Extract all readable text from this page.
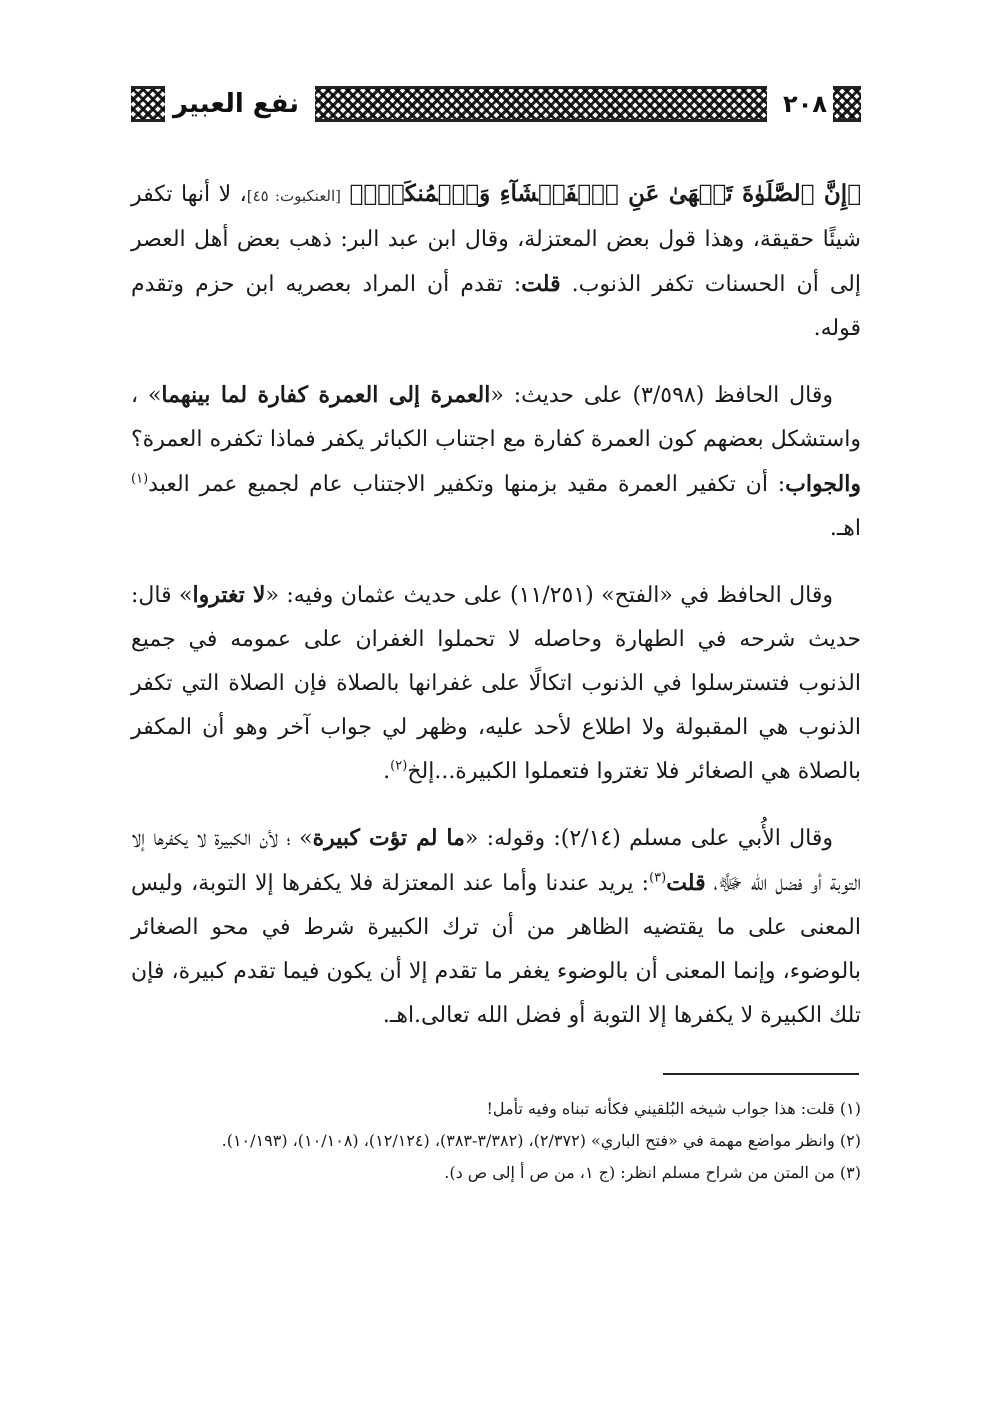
٢٠٨
نفع العبير

﴿إِنَّ ٱلصَّلَوٰةَ تَنۡهَىٰ عَنِ ٱلۡفَحۡشَآءِ وَٱلۡمُنكَرِۗ﴾ [العنكبوت: ٤٥]، لا أنها تكفر شيئًا حقيقة، وهذا قول بعض المعتزلة، وقال ابن عبد البر: ذهب بعض أهل العصر إلى أن الحسنات تكفر الذنوب. قلت: تقدم أن المراد بعصريه ابن حزم وتقدم قوله.

وقال الحافظ (٣/٥٩٨) على حديث: «العمرة إلى العمرة كفارة لما بينهما» ، واستشكل بعضهم كون العمرة كفارة مع اجتناب الكبائر يكفر فماذا تكفره العمرة؟ والجواب: أن تكفير العمرة مقيد بزمنها وتكفير الاجتناب عام لجميع عمر العبد$^{(١)}$ اهـ.

وقال الحافظ في «الفتح» (١١/٢٥١) على حديث عثمان وفيه: «لا تغتروا» قال: حديث شرحه في الطهارة وحاصله لا تحملوا الغفران على عمومه في جميع الذنوب فتسترسلوا في الذنوب اتكالًا على غفرانها بالصلاة فإن الصلاة التي تكفر الذنوب هي المقبولة ولا اطلاع لأحد عليه، وظهر لي جواب آخر وهو أن المكفر بالصلاة هي الصغائر فلا تغتروا فتعملوا الكبيرة...إلخ$^{(٢)}$.

وقال الأُبي على مسلم (٢/١٤): وقوله: «ما لم تؤت كبيرة» ؛ لأن الكبيرة لا يكفرها إلا التوبة أو فضل الله ﷻ، قلت$^{(٣)}$: يريد عندنا وأما عند المعتزلة فلا يكفرها إلا التوبة، وليس المعنى على ما يقتضيه الظاهر من أن ترك الكبيرة شرط في محو الصغائر بالوضوء، وإنما المعنى أن بالوضوء يغفر ما تقدم إلا أن يكون فيما تقدم كبيرة، فإن تلك الكبيرة لا يكفرها إلا التوبة أو فضل الله تعالى.اهـ.

(١) قلت: هذا جواب شيخه البُلقيني فكأنه تبناه وفيه تأمل!

(٢) وانظر مواضع مهمة في «فتح الباري» (٢/٣٧٢)، (٣/٣٨٢-٣٨٣)، (١٢/١٢٤)، (١٠/١٠٨)، (١٠/١٩٣).

(٣) من المتن من شراح مسلم انظر: (ج ١، من ص أ إلى ص د).
